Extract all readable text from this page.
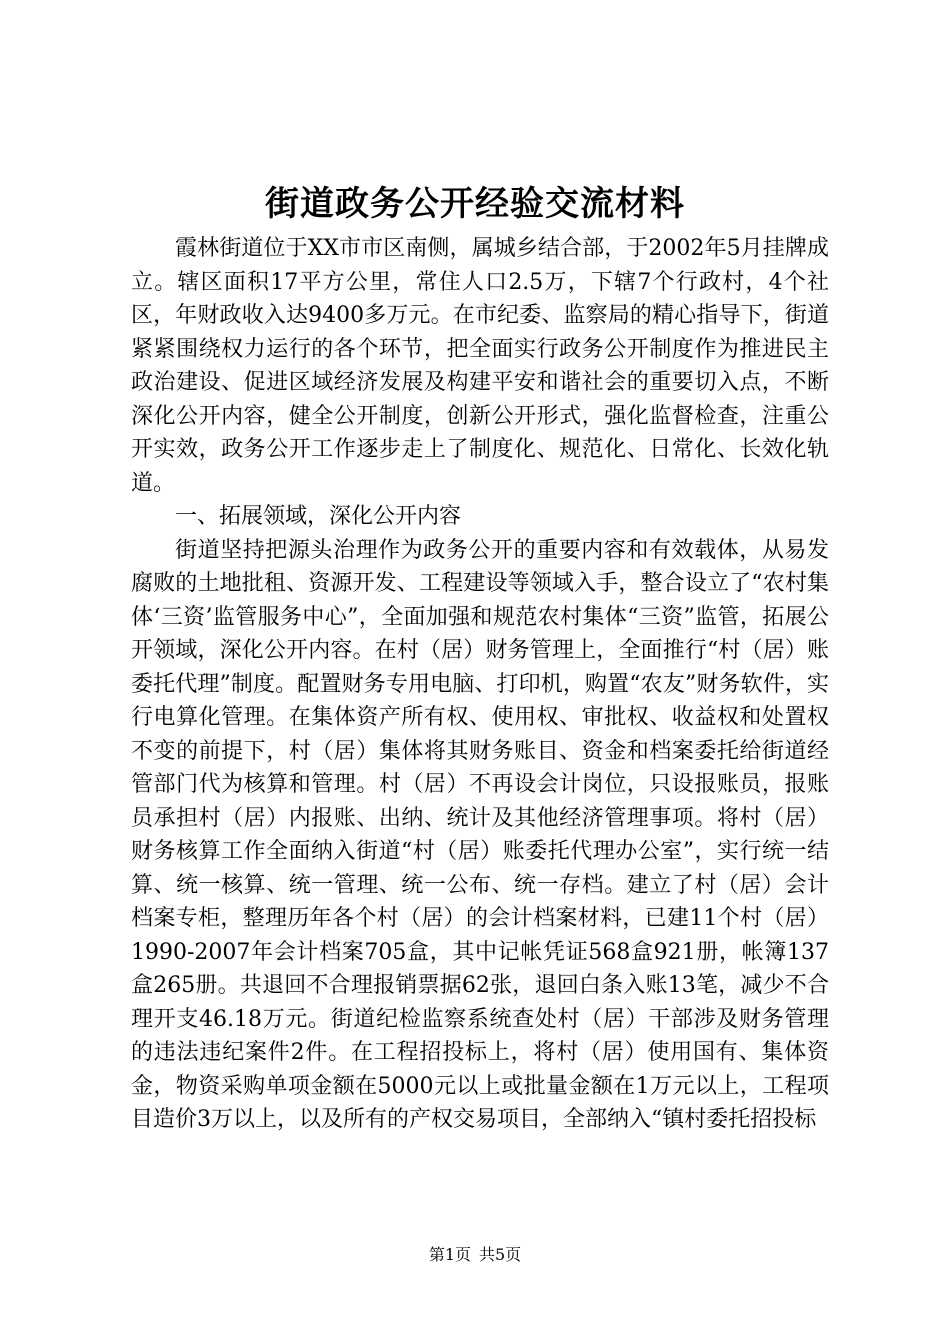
街道政务公开经验交流材料

霞林街道位于XX市市区南侧，属城乡结合部，于2002年5月挂牌成立。辖区面积17平方公里，常住人口2.5万，下辖7个行政村，4个社区，年财政收入达9400多万元。在市纪委、监察局的精心指导下，街道紧紧围绕权力运行的各个环节，把全面实行政务公开制度作为推进民主政治建设、促进区域经济发展及构建平安和谐社会的重要切入点，不断深化公开内容，健全公开制度，创新公开形式，强化监督检查，注重公开实效，政务公开工作逐步走上了制度化、规范化、日常化、长效化轨道。

一、拓展领域，深化公开内容

街道坚持把源头治理作为政务公开的重要内容和有效载体，从易发腐败的土地批租、资源开发、工程建设等领域入手，整合设立了“农村集体‘三资’监管服务中心”，全面加强和规范农村集体“三资”监管，拓展公开领域，深化公开内容。在村（居）财务管理上，全面推行“村（居）账委托代理”制度。配置财务专用电脑、打印机，购置“农友”财务软件，实行电算化管理。在集体资产所有权、使用权、审批权、收益权和处置权不变的前提下，村（居）集体将其财务账目、资金和档案委托给街道经管部门代为核算和管理。村（居）不再设会计岗位，只设报账员，报账员承担村（居）内报账、出纳、统计及其他经济管理事项。将村（居）财务核算工作全面纳入街道“村（居）账委托代理办公室”，实行统一结算、统一核算、统一管理、统一公布、统一存档。建立了村（居）会计档案专柜，整理历年各个村（居）的会计档案材料，已建11个村（居）1990-2007年会计档案705盒，其中记帐凭证568盒921册，帐簿137盒265册。共退回不合理报销票据62张，退回白条入账13笔，减少不合理开支46.18万元。街道纪检监察系统查处村（居）干部涉及财务管理的违法违纪案件2件。在工程招投标上，将村（居）使用国有、集体资金，物资采购单项金额在5000元以上或批量金额在1万元以上，工程项目造价3万以上，以及所有的产权交易项目，全部纳入“镇村委托招投标

第1页 共5页
